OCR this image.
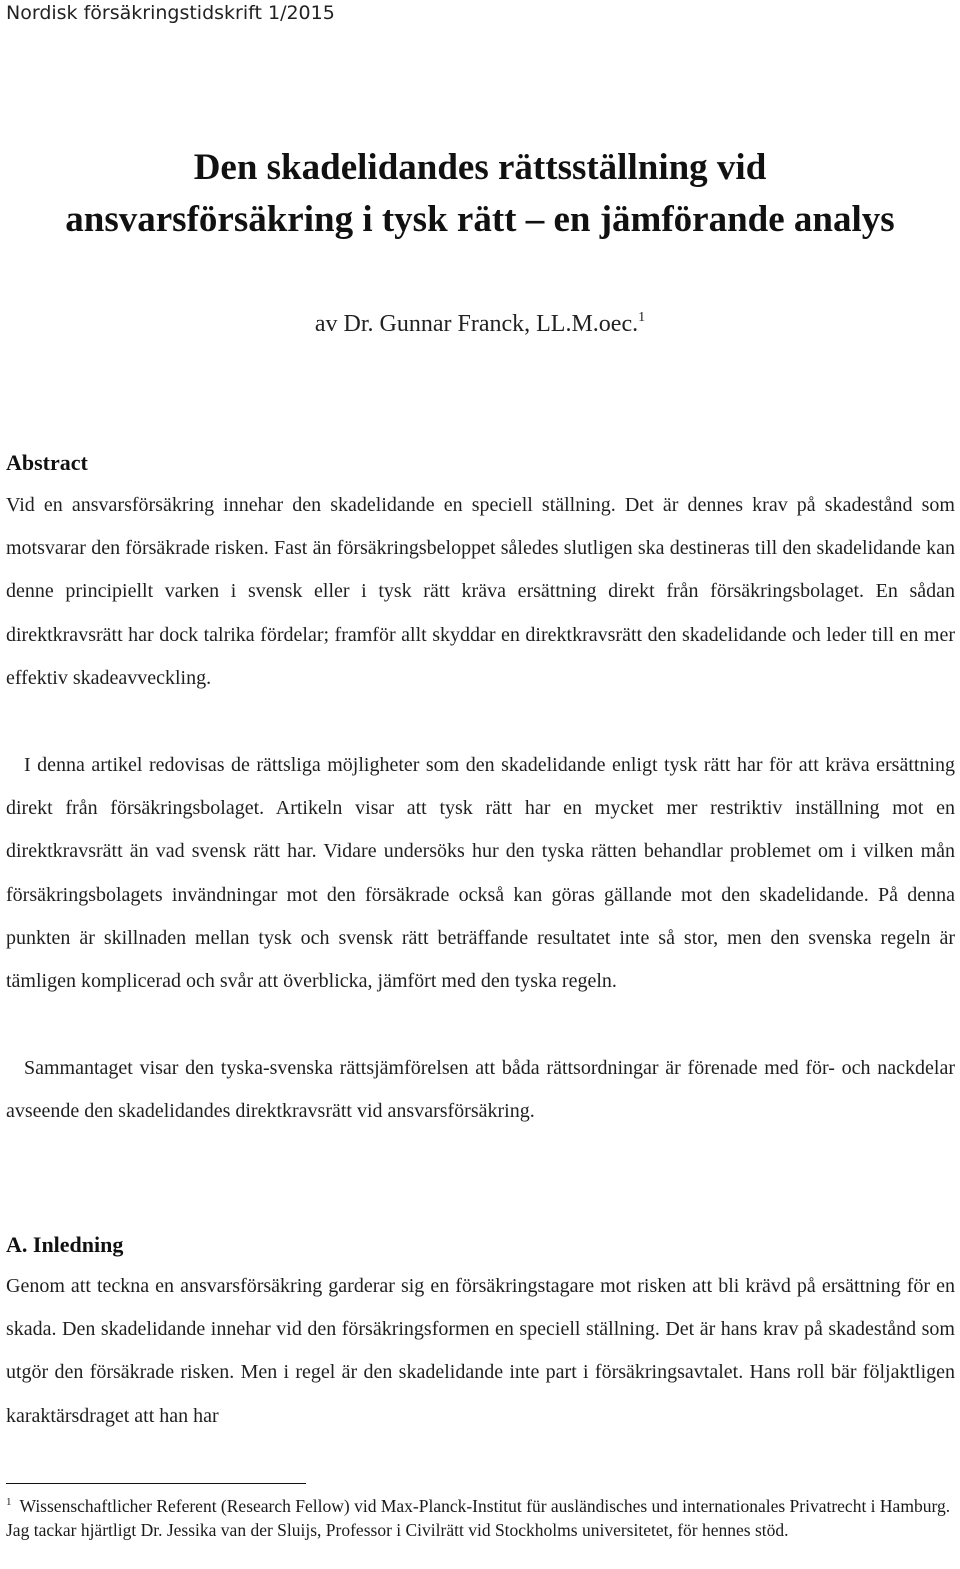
Nordisk försäkringstidskrift 1/2015
Den skadelidandes rättsställning vid
ansvarsförsäkring i tysk rätt – en jämförande analys
av Dr. Gunnar Franck, LL.M.oec.$^1$
Abstract

Vid en ansvarsförsäkring innehar den skadelidande en speciell ställning. Det är dennes krav på skadestånd som motsvarar den försäkrade risken. Fast än försäkringsbeloppet således slutligen ska destineras till den skadelidande kan denne principiellt varken i svensk eller i tysk rätt kräva ersättning direkt från försäkringsbolaget. En sådan direktkravsrätt har dock talrika fördelar; framför allt skyddar en direktkravsrätt den skadelidande och leder till en mer effektiv skadeavveckling.

I denna artikel redovisas de rättsliga möjligheter som den skadelidande enligt tysk rätt har för att kräva ersättning direkt från försäkringsbolaget. Artikeln visar att tysk rätt har en mycket mer restriktiv inställning mot en direktkravsrätt än vad svensk rätt har. Vidare undersöks hur den tyska rätten behandlar problemet om i vilken mån försäkringsbolagets invändningar mot den försäkrade också kan göras gällande mot den skadelidande. På denna punkten är skillnaden mellan tysk och svensk rätt beträffande resultatet inte så stor, men den svenska regeln är tämligen komplicerad och svår att överblicka, jämfört med den tyska regeln.

Sammantaget visar den tyska-svenska rättsjämförelsen att båda rättsordningar är förenade med för- och nackdelar avseende den skadelidandes direktkravsrätt vid ansvarsförsäkring.

A. Inledning

Genom att teckna en ansvarsförsäkring garderar sig en försäkringstagare mot risken att bli krävd på ersättning för en skada. Den skadelidande innehar vid den försäkringsformen en speciell ställning. Det är hans krav på skadestånd som utgör den försäkrade risken. Men i regel är den skadelidande inte part i försäkringsavtalet. Hans roll bär följaktligen karaktärsdraget att han har

$^1$ Wissenschaftlicher Referent (Research Fellow) vid Max-Planck-Institut für ausländisches und internationales Privatrecht i Hamburg. Jag tackar hjärtligt Dr. Jessika van der Sluijs, Professor i Civilrätt vid Stockholms universitetet, för hennes stöd.
